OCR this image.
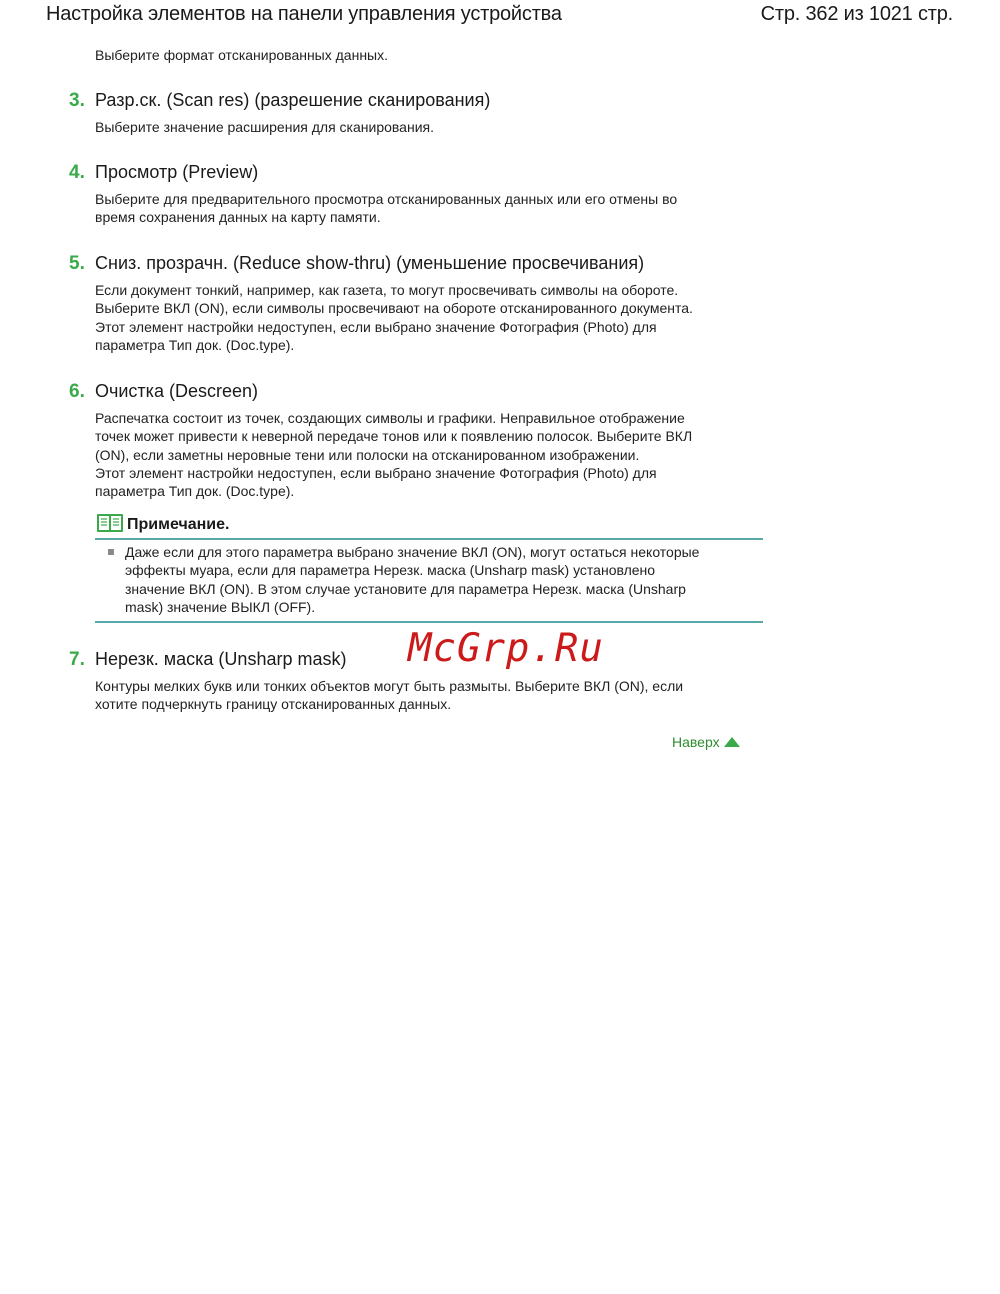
Настройка элементов на панели управления устройства	Стр. 362 из 1021 стр.
Выберите формат отсканированных данных.
3. Разр.ск. (Scan res) (разрешение сканирования)

Выберите значение расширения для сканирования.

4. Просмотр (Preview)

Выберите для предварительного просмотра отсканированных данных или его отмены во

время сохранения данных на карту памяти.

5. Сниз. прозрачн. (Reduce show-thru) (уменьшение просвечивания)

Если документ тонкий, например, как газета, то могут просвечивать символы на обороте.

Выберите ВКЛ (ON), если символы просвечивают на обороте отсканированного документа.

Этот элемент настройки недоступен, если выбрано значение Фотография (Photo) для

параметра Тип док. (Doc.type).

6. Очистка (Descreen)

Распечатка состоит из точек, создающих символы и графики. Неправильное отображение

точек может привести к неверной передаче тонов или к появлению полосок. Выберите ВКЛ

(ON), если заметны неровные тени или полоски на отсканированном изображении.

Этот элемент настройки недоступен, если выбрано значение Фотография (Photo) для

параметра Тип док. (Doc.type).

Примечание.
Даже если для этого параметра выбрано значение ВКЛ (ON), могут остаться некоторые
эффекты муара, если для параметра Нерезк. маска (Unsharp mask) установлено
значение ВКЛ (ON). В этом случае установите для параметра Нерезк. маска (Unsharp
mask) значение ВЫКЛ (OFF).
7. Нерезк. маска (Unsharp mask)

Контуры мелких букв или тонких объектов могут быть размыты. Выберите ВКЛ (ON), если

хотите подчеркнуть границу отсканированных данных.

McGrp.Ru
Наверх
